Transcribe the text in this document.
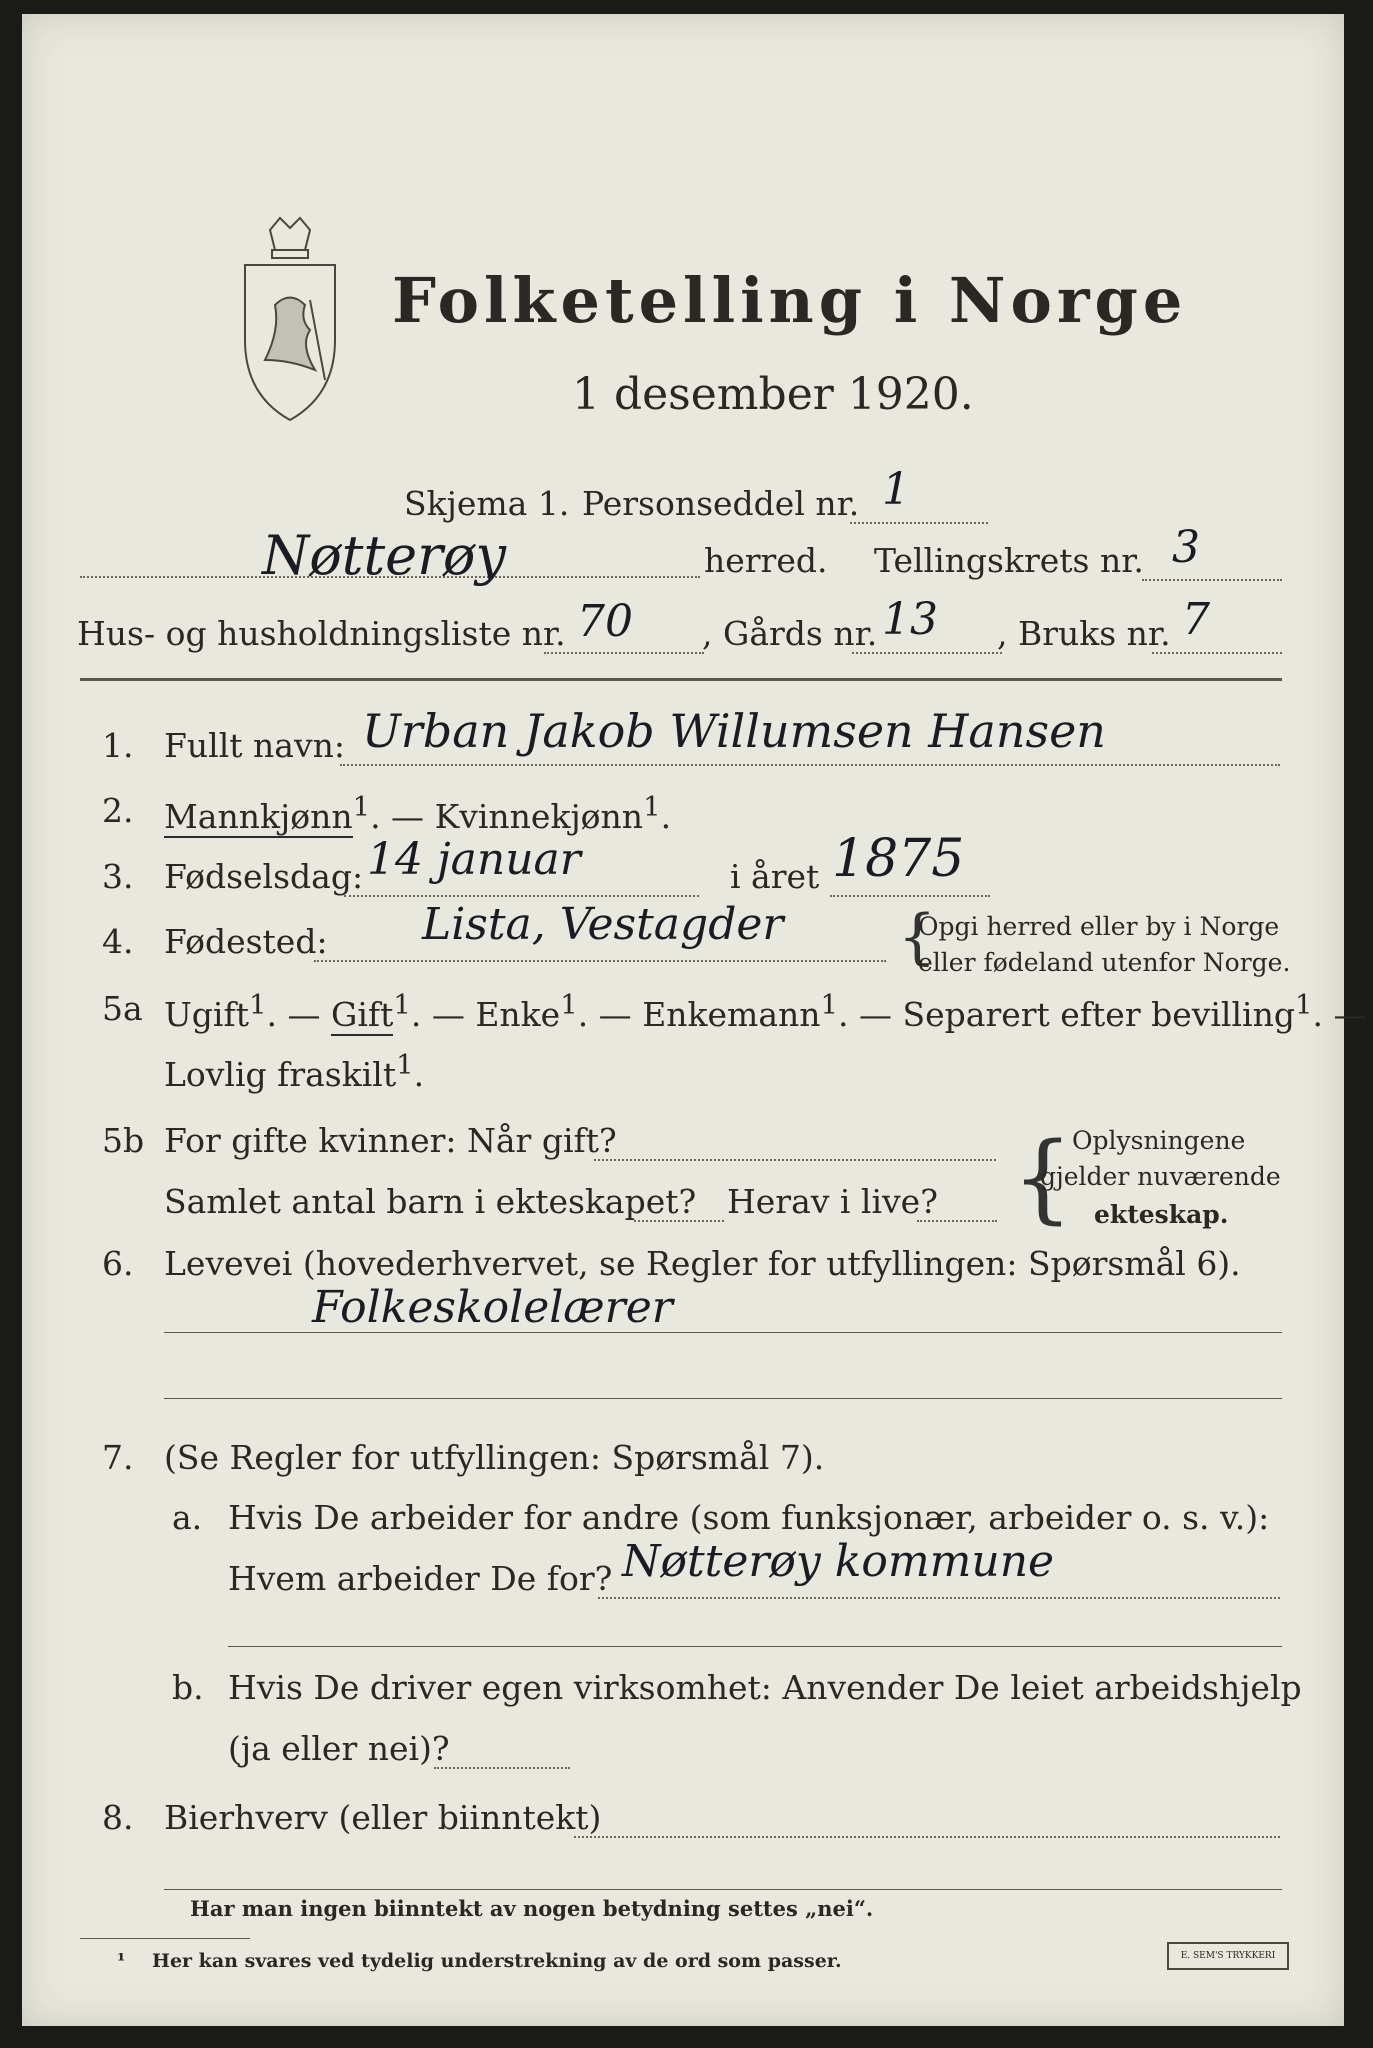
Folketelling i Norge
1 desember 1920.
Skjema 1. Personseddel nr. 1
Nøtterøy	herred. Tellingskrets nr. 3
Hus- og husholdningsliste nr. 70 , Gårds nr. 13 , Bruks nr. 7
1. Fullt navn: Urban Jakob Willumsen Hansen
2. Mannkjønn$^1$. — Kvinnekjønn$^1$.
3. Fødselsdag: 14 januar	i året 1875
4. Fødested: Lista, Vestagder {
Opgi herred eller by i Norge
eller fødeland utenfor Norge.
5a Ugift$^1$. — Gift$^1$. — Enke$^1$. — Enkemann$^1$. — Separert efter bevilling$^1$. —
Lovlig fraskilt$^1$.
5b For gifte kvinner: Når gift?
Samlet antal barn i ekteskapet? Herav i live? {
Oplysningene
gjelder nuværende
ekteskap.
6. Levevei (hovederhvervet, se Regler for utfyllingen: Spørsmål 6).
Folkeskolelærer
7. (Se Regler for utfyllingen: Spørsmål 7).
a. Hvis De arbeider for andre (som funksjonær, arbeider o. s. v.):
Hvem arbeider De for? Nøtterøy kommune
b. Hvis De driver egen virksomhet: Anvender De leiet arbeidshjelp
(ja eller nei)?
8. Bierhverv (eller biinntekt)
Har man ingen biinntekt av nogen betydning settes „nei“.
¹ Her kan svares ved tydelig understrekning av de ord som passer.	E. SEM'S TRYKKERI
